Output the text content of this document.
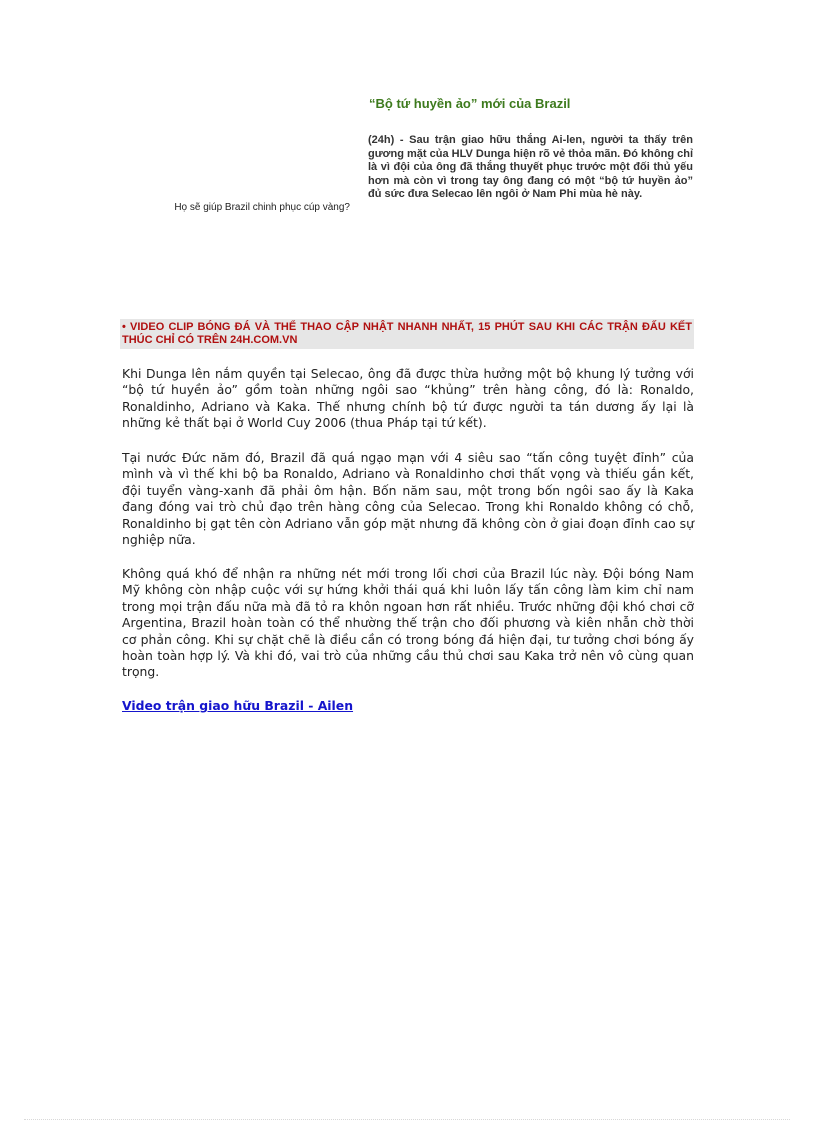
“Bộ tứ huyền ảo” mới của Brazil
Họ sẽ giúp Brazil chinh phục cúp vàng?
(24h) - Sau trận giao hữu thắng Ai-len, người ta thấy trên gương mặt của HLV Dunga hiện rõ vẻ thỏa mãn. Đó không chỉ là vì đội của ông đã thắng thuyết phục trước một đối thủ yếu hơn mà còn vì trong tay ông đang có một “bộ tứ huyền ảo” đủ sức đưa Selecao lên ngôi ở Nam Phi mùa hè này.
• VIDEO CLIP BÓNG ĐÁ VÀ THỂ THAO CẬP NHẬT NHANH NHẤT, 15 PHÚT SAU KHI CÁC TRẬN ĐẤU KẾT THÚC CHỈ CÓ TRÊN 24H.COM.VN
Khi Dunga lên nắm quyền tại Selecao, ông đã được thừa hưởng một bộ khung lý tưởng với “bộ tứ huyền ảo” gồm toàn những ngôi sao “khủng” trên hàng công, đó là: Ronaldo, Ronaldinho, Adriano và Kaka. Thế nhưng chính bộ tứ được người ta tán dương ấy lại là những kẻ thất bại ở World Cuy 2006 (thua Pháp tại tứ kết).
Tại nước Đức năm đó, Brazil đã quá ngạo mạn với 4 siêu sao “tấn công tuyệt đỉnh” của mình và vì thế khi bộ ba Ronaldo, Adriano và Ronaldinho chơi thất vọng và thiếu gắn kết, đội tuyển vàng-xanh đã phải ôm hận. Bốn năm sau, một trong bốn ngôi sao ấy là Kaka đang đóng vai trò chủ đạo trên hàng công của Selecao. Trong khi Ronaldo không có chỗ, Ronaldinho bị gạt tên còn Adriano vẫn góp mặt nhưng đã không còn ở giai đoạn đỉnh cao sự nghiệp nữa.
Không quá khó để nhận ra những nét mới trong lối chơi của Brazil lúc này. Đội bóng Nam Mỹ không còn nhập cuộc với sự hứng khởi thái quá khi luôn lấy tấn công làm kim chỉ nam trong mọi trận đấu nữa mà đã tỏ ra khôn ngoan hơn rất nhiều. Trước những đội khó chơi cỡ Argentina, Brazil hoàn toàn có thể nhường thế trận cho đối phương và kiên nhẫn chờ thời cơ phản công. Khi sự chặt chẽ là điều cần có trong bóng đá hiện đại, tư tưởng chơi bóng ấy hoàn toàn hợp lý. Và khi đó, vai trò của những cầu thủ chơi sau Kaka trở nên vô cùng quan trọng.
Video trận giao hữu Brazil - Ailen
